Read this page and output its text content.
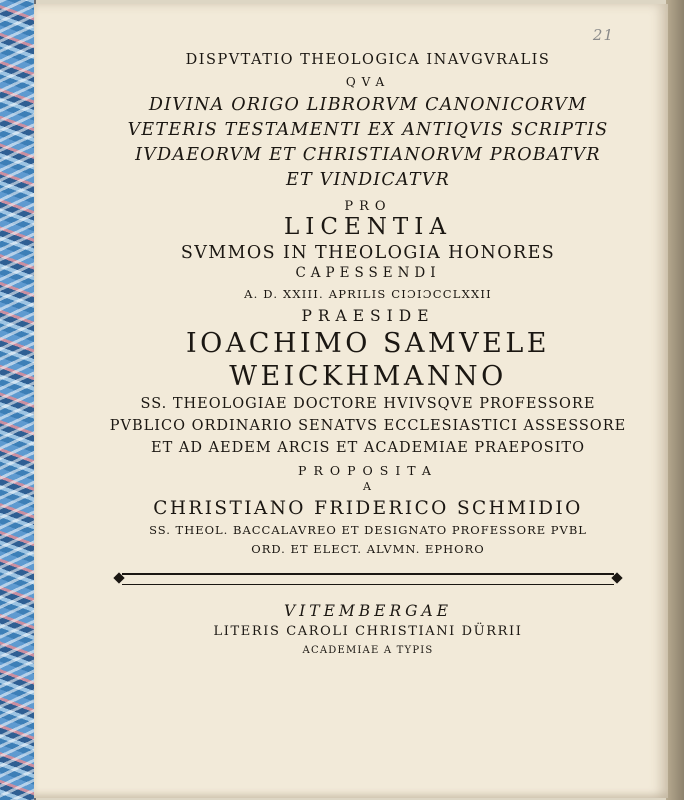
21
DISPVTATIO THEOLOGICA INAVGVRALIS
QVA
DIVINA ORIGO LIBRORVM CANONICORVM
VETERIS TESTAMENTI EX ANTIQVIS SCRIPTIS
IVDAEORVM ET CHRISTIANORVM PROBATVR
ET VINDICATVR
PRO
LICENTIA
SVMMOS IN THEOLOGIA HONORES
CAPESSENDI
A. D. XXIII. APRILIS CIƆIƆCCLXXII
PRAESIDE
IOACHIMO SAMVELE
WEICKHMANNO
SS. THEOLOGIAE DOCTORE HVIVSQVE PROFESSORE
PVBLICO ORDINARIO SENATVS ECCLESIASTICI ASSESSORE
ET AD AEDEM ARCIS ET ACADEMIAE PRAEPOSITO
PROPOSITA
A
CHRISTIANO FRIDERICO SCHMIDIO
SS. THEOL. BACCALAVREO ET DESIGNATO PROFESSORE PVBL
ORD. ET ELECT. ALVMN. EPHORO
VITEMBERGAE
LITERIS CAROLI CHRISTIANI DÜRRII
ACADEMIAE A TYPIS
